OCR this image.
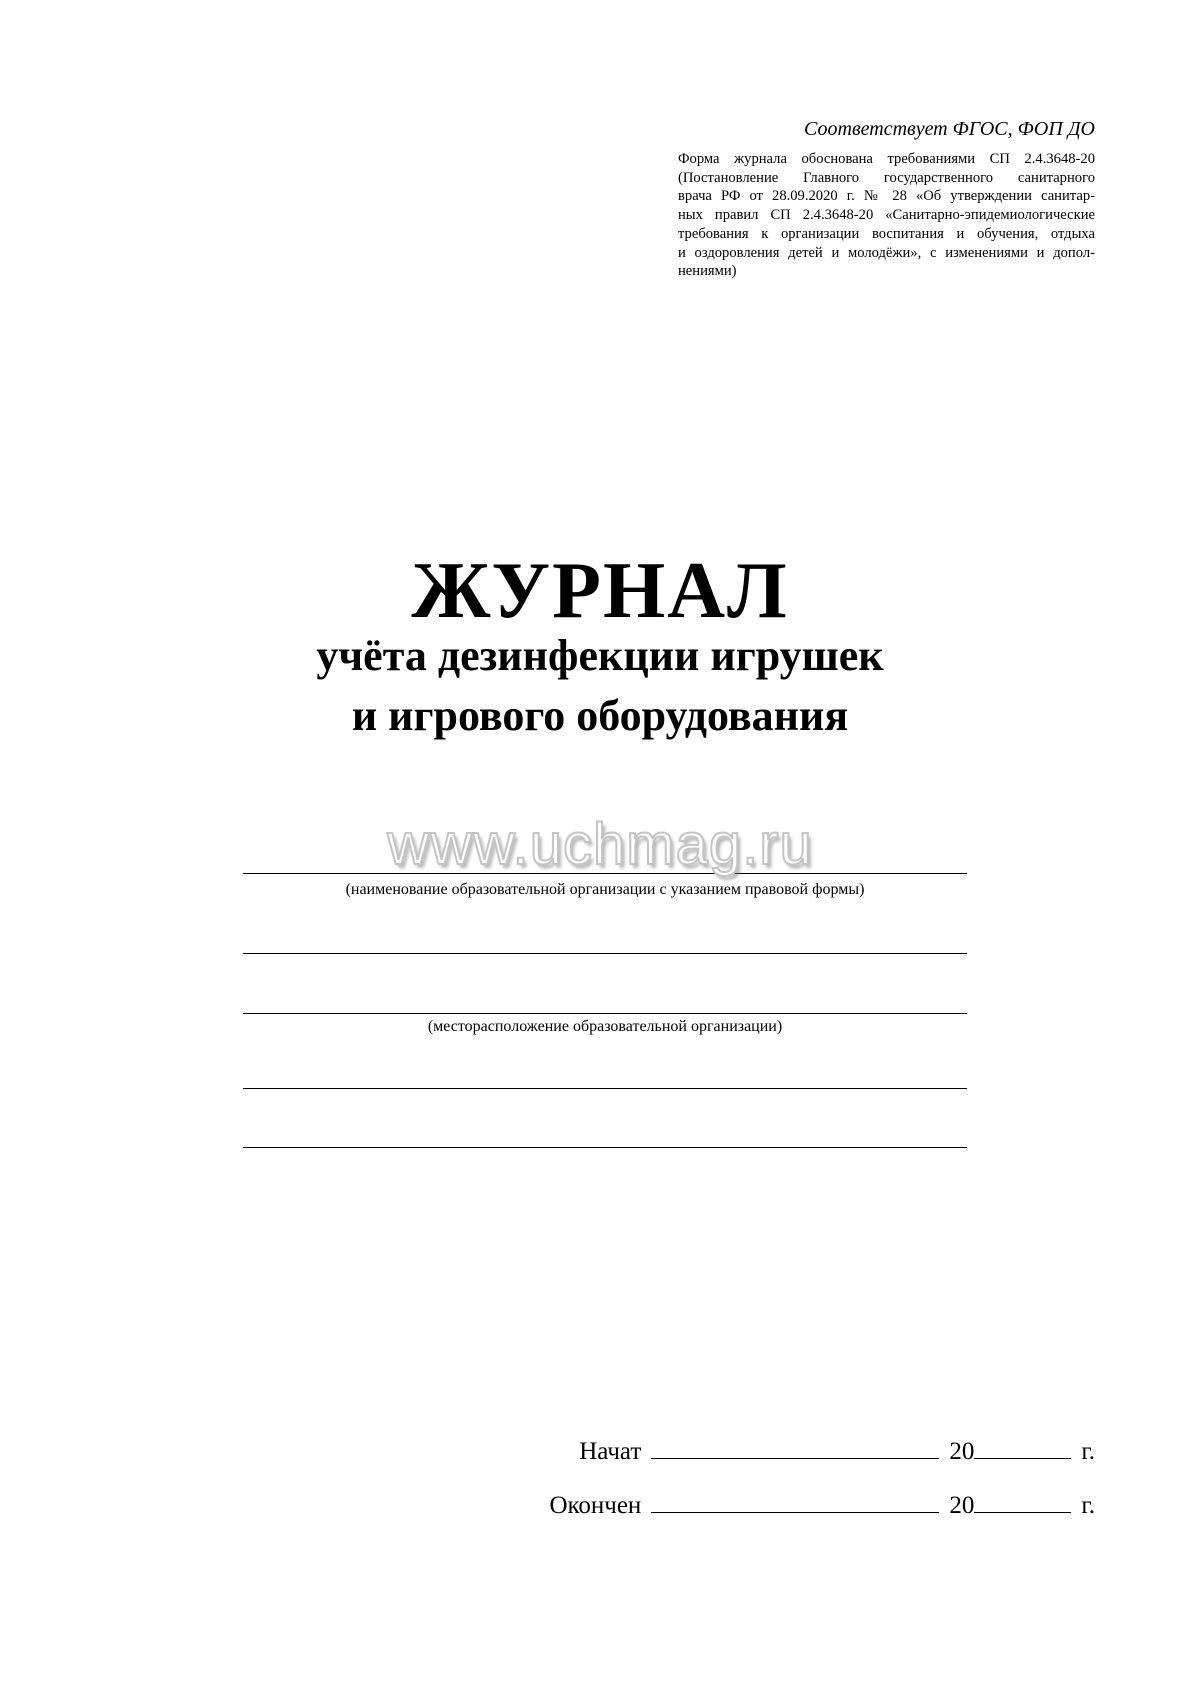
Соответствует ФГОС, ФОП ДО
Форма журнала обоснована требованиями СП 2.4.3648-20
(Постановление Главного государственного санитарного
врача РФ от 28.09.2020 г. № 28 «Об утверждении санитар-
ных правил СП 2.4.3648-20 «Санитарно-эпидемиологические
требования к организации воспитания и обучения, отдыха
и оздоровления детей и молодёжи», с изменениями и допол-
нениями)
ЖУРНАЛ
учёта дезинфекции игрушек
и игрового оборудования
www.uchmag.ru
(наименование образовательной организации с указанием правовой формы)
(месторасположение образовательной организации)
Начат	20	г.
Окончен	20	г.
